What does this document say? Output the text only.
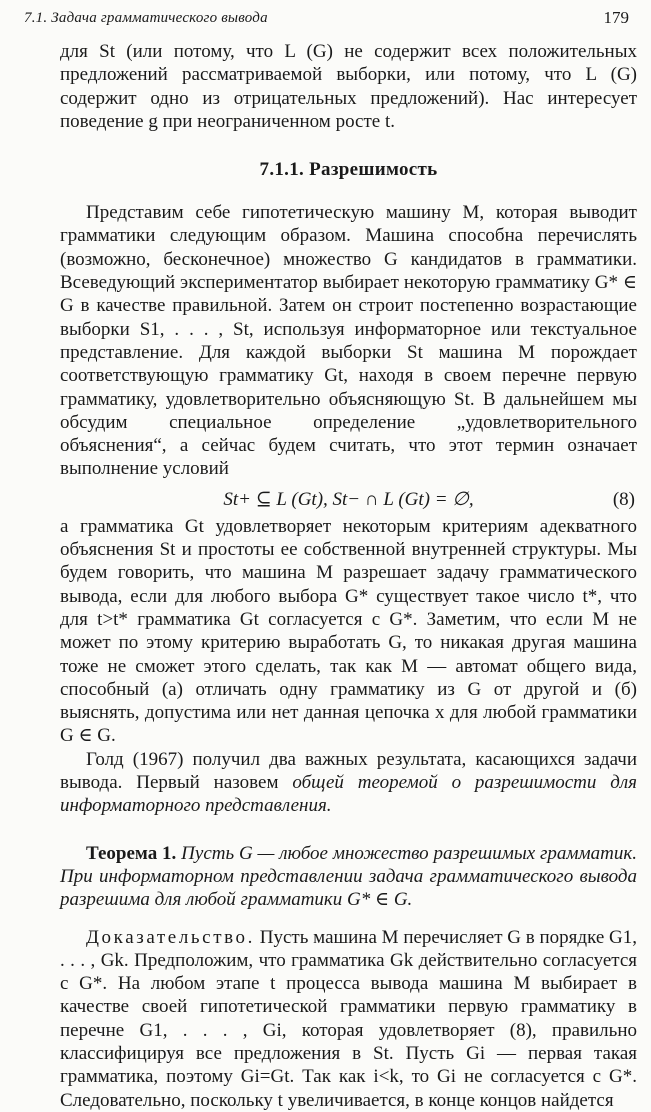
7.1. Задача грамматического вывода	179

для St (или потому, что L (G) не содержит всех положительных предложений рассматриваемой выборки, или потому, что L (G) содержит одно из отрицательных предложений). Нас интересует поведение g при неограниченном росте t.

7.1.1. Разрешимость

Представим себе гипотетическую машину M, которая выводит грамматики следующим образом. Машина способна перечислять (возможно, бесконечное) множество G кандидатов в грамматики. Всеведующий экспериментатор выбирает некоторую грамматику G* ∈ G в качестве правильной. Затем он строит постепенно возрастающие выборки S1, . . . , St, используя информаторное или текстуальное представление. Для каждой выборки St машина M порождает соответствующую грамматику Gt, находя в своем перечне первую грамматику, удовлетворительно объясняющую St. В дальнейшем мы обсудим специальное определение „удовлетворительного объяснения“, а сейчас будем считать, что этот термин означает выполнение условий

St+ ⊆ L (Gt), St− ∩ L (Gt) = ∅,	(8)

а грамматика Gt удовлетворяет некоторым критериям адекватного объяснения St и простоты ее собственной внутренней структуры. Мы будем говорить, что машина M разрешает задачу грамматического вывода, если для любого выбора G* существует такое число t*, что для t>t* грамматика Gt согласуется с G*. Заметим, что если M не может по этому критерию выработать G, то никакая другая машина тоже не сможет этого сделать, так как M — автомат общего вида, способный (а) отличать одну грамматику из G от другой и (б) выяснять, допустима или нет данная цепочка x для любой грамматики G ∈ G.

Голд (1967) получил два важных результата, касающихся задачи вывода. Первый назовем общей теоремой о разрешимости для информаторного представления.

Теорема 1. Пусть G — любое множество разрешимых грамматик. При информаторном представлении задача грамматического вывода разрешима для любой грамматики G* ∈ G.

Доказательство. Пусть машина M перечисляет G в порядке G1, . . . , Gk. Предположим, что грамматика Gk действительно согласуется с G*. На любом этапе t процесса вывода машина M выбирает в качестве своей гипотетической грамматики первую грамматику в перечне G1, . . . , Gi, которая удовлетворяет (8), правильно классифицируя все предложения в St. Пусть Gi — первая такая грамматика, поэтому Gi=Gt. Так как i<k, то Gi не согласуется с G*. Следовательно, поскольку t увеличивается, в конце концов найдется
